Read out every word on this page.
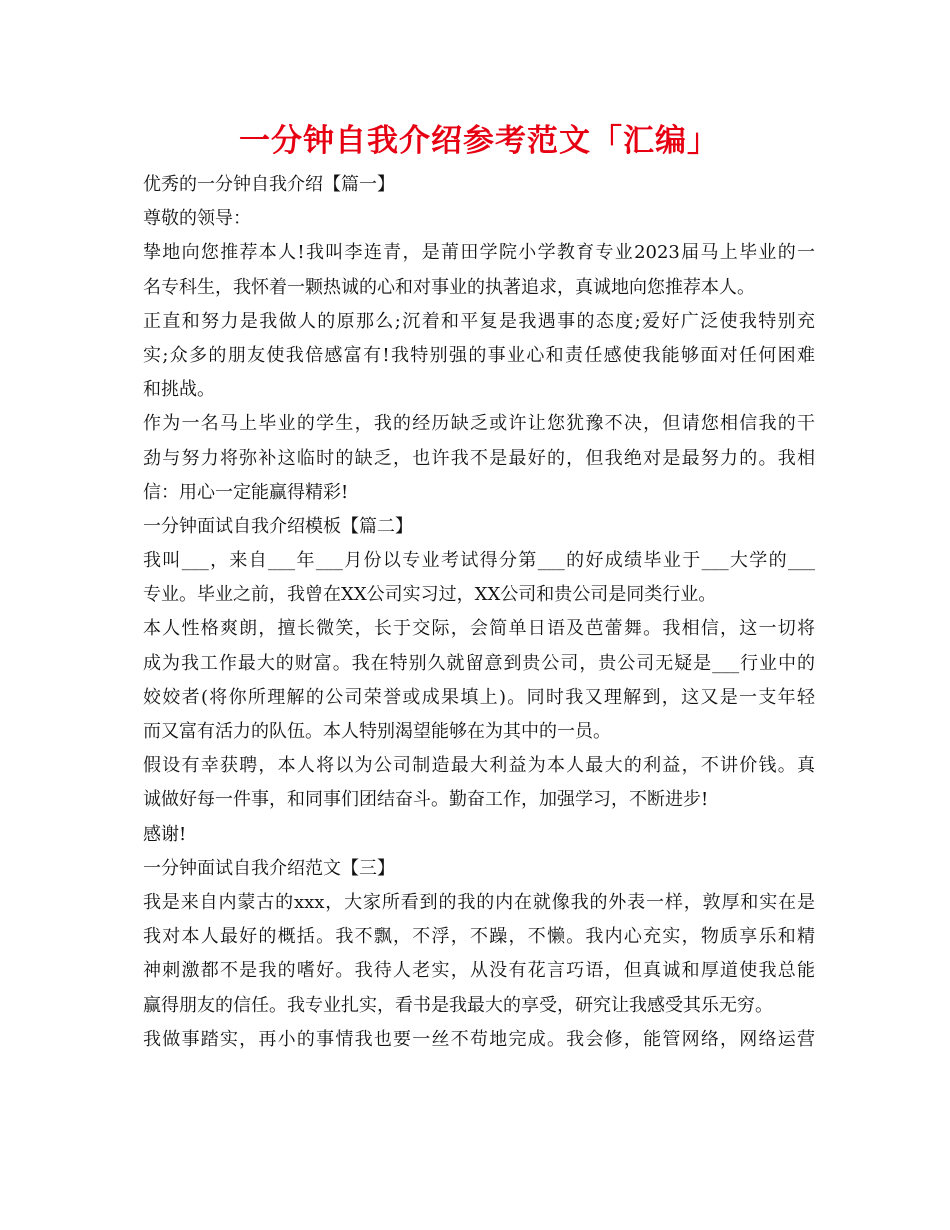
一分钟自我介绍参考范文「汇编」
优秀的一分钟自我介绍【篇一】
尊敬的领导：
挚地向您推荐本人!我叫李连青，是莆田学院小学教育专业2023届马上毕业的一
名专科生，我怀着一颗热诚的心和对事业的执著追求，真诚地向您推荐本人。
正直和努力是我做人的原那么;沉着和平复是我遇事的态度;爱好广泛使我特别充
实;众多的朋友使我倍感富有!我特别强的事业心和责任感使我能够面对任何困难
和挑战。
作为一名马上毕业的学生，我的经历缺乏或许让您犹豫不决，但请您相信我的干
劲与努力将弥补这临时的缺乏，也许我不是最好的，但我绝对是最努力的。我相
信：用心一定能赢得精彩!
一分钟面试自我介绍模板【篇二】
我叫___，来自___年___月份以专业考试得分第___的好成绩毕业于___大学的___
专业。毕业之前，我曾在XX公司实习过，XX公司和贵公司是同类行业。
本人性格爽朗，擅长微笑，长于交际，会简单日语及芭蕾舞。我相信，这一切将
成为我工作最大的财富。我在特别久就留意到贵公司，贵公司无疑是___行业中的
姣姣者(将你所理解的公司荣誉或成果填上)。同时我又理解到，这又是一支年轻
而又富有活力的队伍。本人特别渴望能够在为其中的一员。
假设有幸获聘，本人将以为公司制造最大利益为本人最大的利益，不讲价钱。真
诚做好每一件事，和同事们团结奋斗。勤奋工作，加强学习，不断进步!
感谢!
一分钟面试自我介绍范文【三】
我是来自内蒙古的xxx，大家所看到的我的内在就像我的外表一样，敦厚和实在是
我对本人最好的概括。我不飘，不浮，不躁，不懒。我内心充实，物质享乐和精
神刺激都不是我的嗜好。我待人老实，从没有花言巧语，但真诚和厚道使我总能
赢得朋友的信任。我专业扎实，看书是我最大的享受，研究让我感受其乐无穷。
我做事踏实，再小的事情我也要一丝不苟地完成。我会修，能管网络，网络运营
